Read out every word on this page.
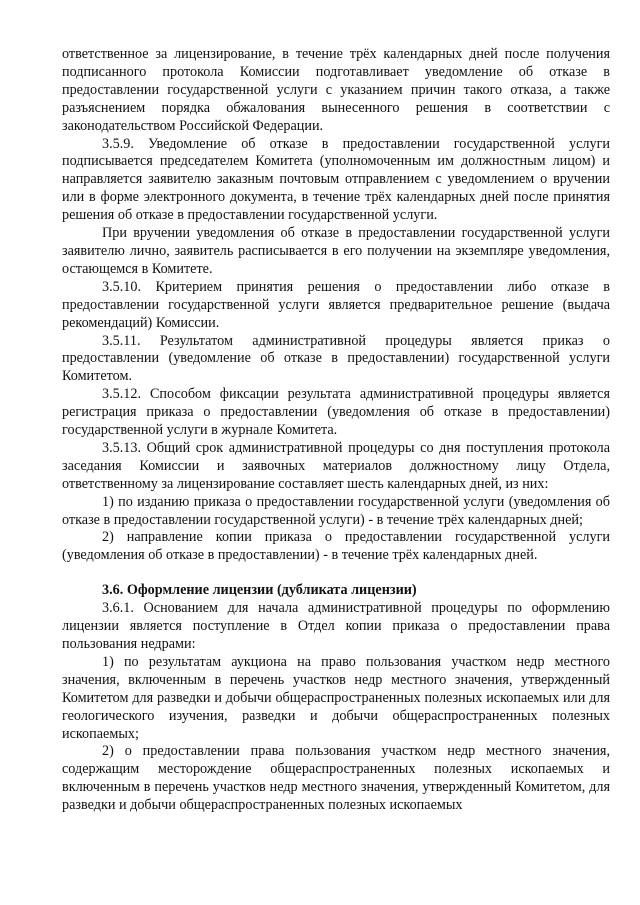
ответственное за лицензирование, в течение трёх календарных дней после получения подписанного протокола Комиссии подготавливает уведомление об отказе в предоставлении государственной услуги с указанием причин такого отказа, а также разъяснением порядка обжалования вынесенного решения в соответствии с законодательством Российской Федерации.

3.5.9. Уведомление об отказе в предоставлении государственной услуги подписывается председателем Комитета (уполномоченным им должностным лицом) и направляется заявителю заказным почтовым отправлением с уведомлением о вручении или в форме электронного документа, в течение трёх календарных дней после принятия решения об отказе в предоставлении государственной услуги.

При вручении уведомления об отказе в предоставлении государственной услуги заявителю лично, заявитель расписывается в его получении на экземпляре уведомления, остающемся в Комитете.

3.5.10. Критерием принятия решения о предоставлении либо отказе в предоставлении государственной услуги является предварительное решение (выдача рекомендаций) Комиссии.

3.5.11. Результатом административной процедуры является приказ о предоставлении (уведомление об отказе в предоставлении) государственной услуги Комитетом.

3.5.12. Способом фиксации результата административной процедуры является регистрация приказа о предоставлении (уведомления об отказе в предоставлении) государственной услуги в журнале Комитета.

3.5.13. Общий срок административной процедуры со дня поступления протокола заседания Комиссии и заявочных материалов должностному лицу Отдела, ответственному за лицензирование составляет шесть календарных дней, из них:

1) по изданию приказа о предоставлении государственной услуги (уведомления об отказе в предоставлении государственной услуги) - в течение трёх календарных дней;

2) направление копии приказа о предоставлении государственной услуги (уведомления об отказе в предоставлении) - в течение трёх календарных дней.

3.6. Оформление лицензии (дубликата лицензии)

3.6.1. Основанием для начала административной процедуры по оформлению лицензии является поступление в Отдел копии приказа о предоставлении права пользования недрами:

1) по результатам аукциона на право пользования участком недр местного значения, включенным в перечень участков недр местного значения, утвержденный Комитетом для разведки и добычи общераспространенных полезных ископаемых или для геологического изучения, разведки и добычи общераспространенных полезных ископаемых;

2) о предоставлении права пользования участком недр местного значения, содержащим месторождение общераспространенных полезных ископаемых и включенным в перечень участков недр местного значения, утвержденный Комитетом, для разведки и добычи общераспространенных полезных ископаемых
